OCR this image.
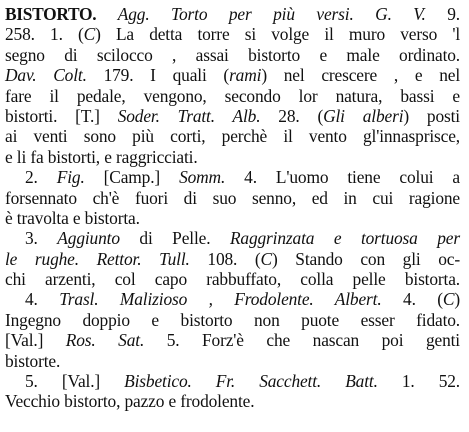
BISTORTO. Agg. Torto per più versi. G. V. 9.
258. 1. (C) La detta torre si volge il muro verso 'l
segno di scilocco , assai bistorto e male ordinato.
Dav. Colt. 179. I quali (rami) nel crescere , e nel
fare il pedale, vengono, secondo lor natura, bassi e
bistorti. [T.] Soder. Tratt. Alb. 28. (Gli alberi) posti
ai venti sono più corti, perchè il vento gl'innasprisce,
e li fa bistorti, e raggricciati.
2. Fig. [Camp.] Somm. 4. L'uomo tiene colui a
forsennato ch'è fuori di suo senno, ed in cui ragione
è travolta e bistorta.
3. Aggiunto di Pelle. Raggrinzata e tortuosa per
le rughe. Rettor. Tull. 108. (C) Stando con gli oc-
chi arzenti, col capo rabbuffato, colla pelle bistorta.
4. Trasl. Malizioso , Frodolente. Albert. 4. (C)
Ingegno doppio e bistorto non puote esser fidato.
[Val.] Ros. Sat. 5. Forz'è che nascan poi genti
bistorte.
5. [Val.] Bisbetico. Fr. Sacchett. Batt. 1. 52.
Vecchio bistorto, pazzo e frodolente.
